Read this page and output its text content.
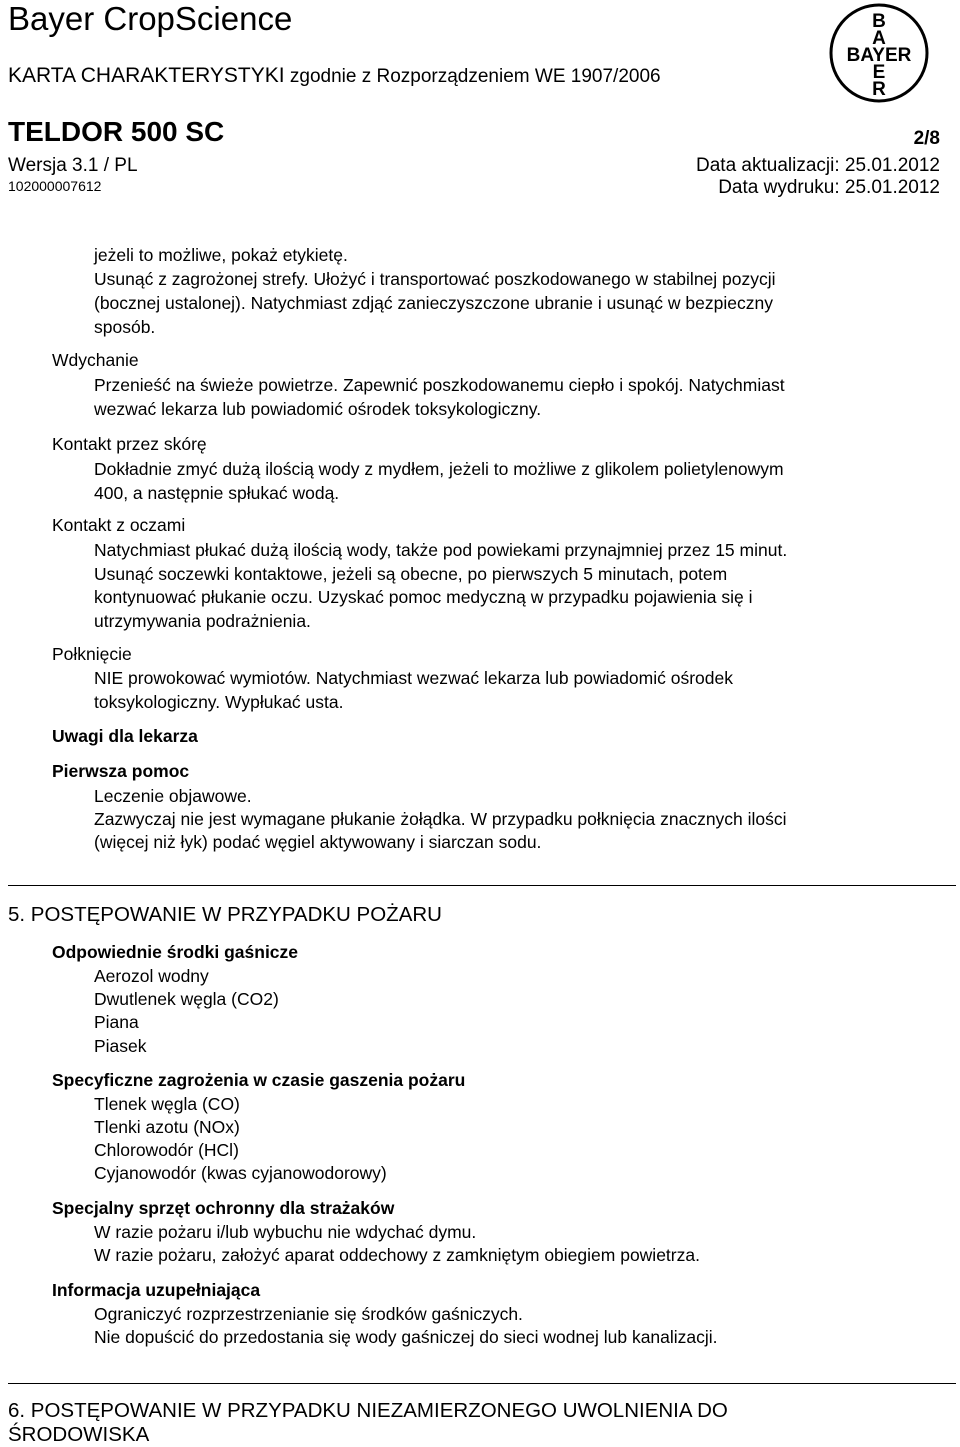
Bayer CropScience
KARTA CHARAKTERYSTYKI zgodnie z Rozporządzeniem WE 1907/2006
TELDOR 500 SC	2/8
Wersja 3.1 / PL	Data aktualizacji: 25.01.2012
102000007612	Data wydruku: 25.01.2012
B
A
BAYER
E
R
jeżeli to możliwe, pokaż etykietę.
Usunąć z zagrożonej strefy. Ułożyć i transportować poszkodowanego w stabilnej pozycji
(bocznej ustalonej). Natychmiast zdjąć zanieczyszczone ubranie i usunąć w bezpieczny
sposób.
Wdychanie
Przenieść na świeże powietrze. Zapewnić poszkodowanemu ciepło i spokój. Natychmiast
wezwać lekarza lub powiadomić ośrodek toksykologiczny.
Kontakt przez skórę
Dokładnie zmyć dużą ilością wody z mydłem, jeżeli to możliwe z glikolem polietylenowym
400, a następnie spłukać wodą.
Kontakt z oczami
Natychmiast płukać dużą ilością wody, także pod powiekami przynajmniej przez 15 minut.
Usunąć soczewki kontaktowe, jeżeli są obecne, po pierwszych 5 minutach, potem
kontynuować płukanie oczu. Uzyskać pomoc medyczną w przypadku pojawienia się i
utrzymywania podrażnienia.
Połknięcie
NIE prowokować wymiotów. Natychmiast wezwać lekarza lub powiadomić ośrodek
toksykologiczny. Wypłukać usta.
Uwagi dla lekarza
Pierwsza pomoc
Leczenie objawowe.
Zazwyczaj nie jest wymagane płukanie żołądka. W przypadku połknięcia znacznych ilości
(więcej niż łyk) podać węgiel aktywowany i siarczan sodu.
5. POSTĘPOWANIE W PRZYPADKU POŻARU
Odpowiednie środki gaśnicze
Aerozol wodny
Dwutlenek węgla (CO2)
Piana
Piasek
Specyficzne zagrożenia w czasie gaszenia pożaru
Tlenek węgla (CO)
Tlenki azotu (NOx)
Chlorowodór (HCl)
Cyjanowodór (kwas cyjanowodorowy)
Specjalny sprzęt ochronny dla strażaków
W razie pożaru i/lub wybuchu nie wdychać dymu.
W razie pożaru, założyć aparat oddechowy z zamkniętym obiegiem powietrza.
Informacja uzupełniająca
Ograniczyć rozprzestrzenianie się środków gaśniczych.
Nie dopuścić do przedostania się wody gaśniczej do sieci wodnej lub kanalizacji.
6. POSTĘPOWANIE W PRZYPADKU NIEZAMIERZONEGO UWOLNIENIA DO
ŚRODOWISKA
